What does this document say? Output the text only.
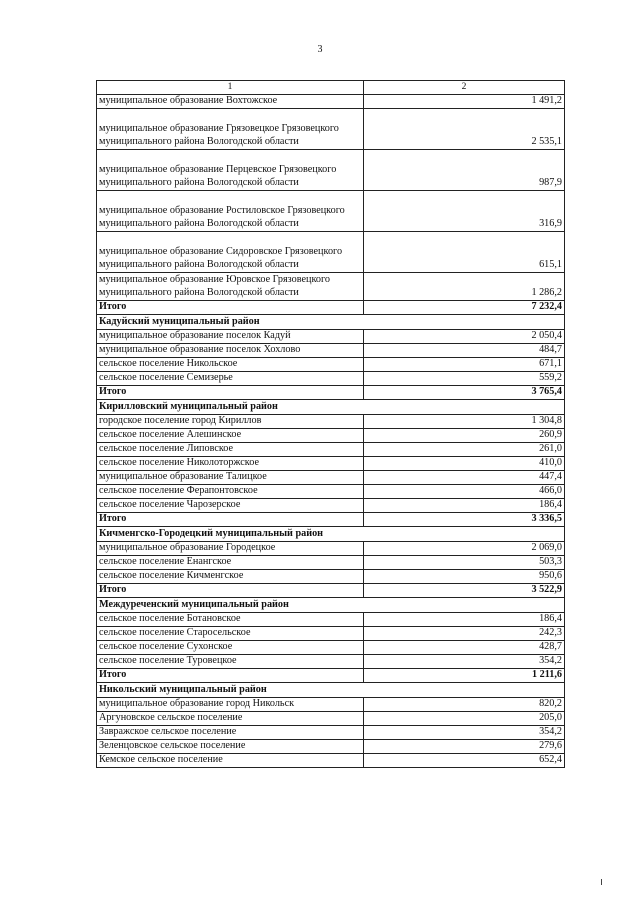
3
1	2
муниципальное образование Вохтожское	1 491,2
муниципальное образование Грязовецкое Грязовецкого муниципального района Вологодской области	2 535,1
муниципальное образование Перцевское Грязовецкого муниципального района Вологодской области	987,9
муниципальное образование Ростиловское Грязовецкого муниципального района Вологодской области	316,9
муниципальное образование Сидоровское Грязовецкого муниципального района Вологодской области	615,1
муниципальное образование Юровское Грязовецкого муниципального района Вологодской области	1 286,2
Итого	7 232,4
Кадуйский муниципальный район	
муниципальное образование поселок Кадуй	2 050,4
муниципальное образование поселок Хохлово	484,7
сельское поселение Никольское	671,1
сельское поселение Семизерье	559,2
Итого	3 765,4
Кирилловский муниципальный район	
городское поселение город Кириллов	1 304,8
сельское поселение Алешинское	260,9
сельское поселение Липовское	261,0
сельское поселение Николоторжское	410,0
муниципальное образование Талицкое	447,4
сельское поселение Ферапонтовское	466,0
сельское поселение Чарозерское	186,4
Итого	3 336,5
Кичменгско-Городецкий муниципальный район	
муниципальное образование Городецкое	2 069,0
сельское поселение Енангское	503,3
сельское поселение Кичменгское	950,6
Итого	3 522,9
Междуреченский муниципальный район	
сельское поселение Ботановское	186,4
сельское поселение Старосельское	242,3
сельское поселение Сухонское	428,7
сельское поселение Туровецкое	354,2
Итого	1 211,6
Никольский муниципальный район	
муниципальное образование город Никольск	820,2
Аргуновское сельское поселение	205,0
Завражское сельское поселение	354,2
Зеленцовское сельское поселение	279,6
Кемское сельское поселение	652,4
